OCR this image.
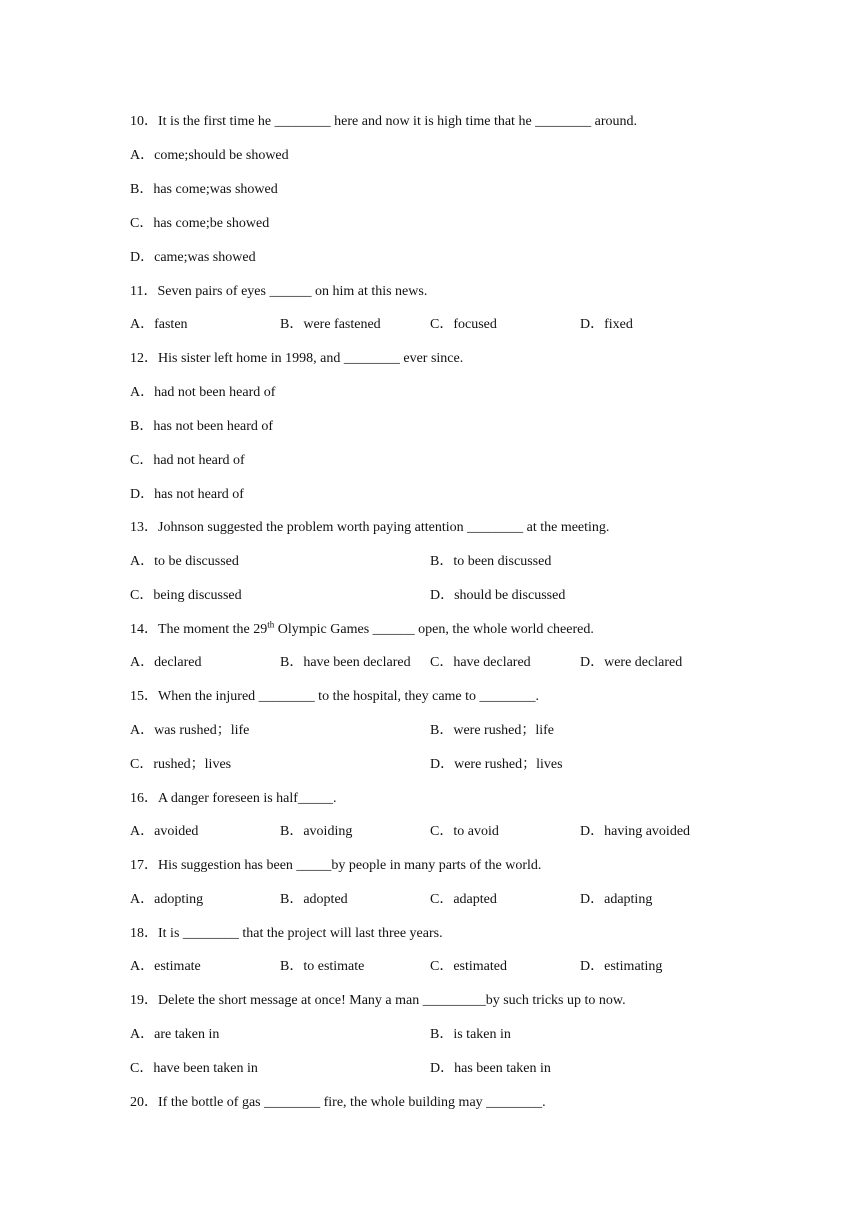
10．It is the first time he ________ here and now it is high time that he ________ around.
A．come;should be showed
B．has come;was showed
C．has come;be showed
D．came;was showed
11．Seven pairs of eyes ______ on him at this news.

A．fasten

	B．were fastened

	C．focused

	D．fixed

12．His sister left home in 1998, and ________ ever since.
A．had not been heard of
B．has not been heard of
C．had not heard of
D．has not heard of
13．Johnson suggested the problem worth paying attention ________ at the meeting.

A．to be discussed

	B．to been discussed

C．being discussed

	D．should be discussed

14．The moment the 29th Olympic Games ______ open, the whole world cheered.

A．declared

	B．have been declared

C．have declared

	D．were declared

15．When the injured ________ to the hospital, they came to ________.

A．was rushed；life

	B．were rushed；life

C．rushed；lives

	D．were rushed；lives

16．A danger foreseen is half_____.

A．avoided

	B．avoiding

	C．to avoid

	D．having avoided

17．His suggestion has been _____by people in many parts of the world.

A．adopting

	B．adopted

	C．adapted

	D．adapting

18．It is ________ that the project will last three years.

A．estimate

	B．to estimate

	C．estimated

	D．estimating

19．Delete the short message at once! Many a man _________by such tricks up to now.

A．are taken in

	B．is taken in

C．have been taken in

	D．has been taken in

20．If the bottle of gas ________ fire, the whole building may ________.
